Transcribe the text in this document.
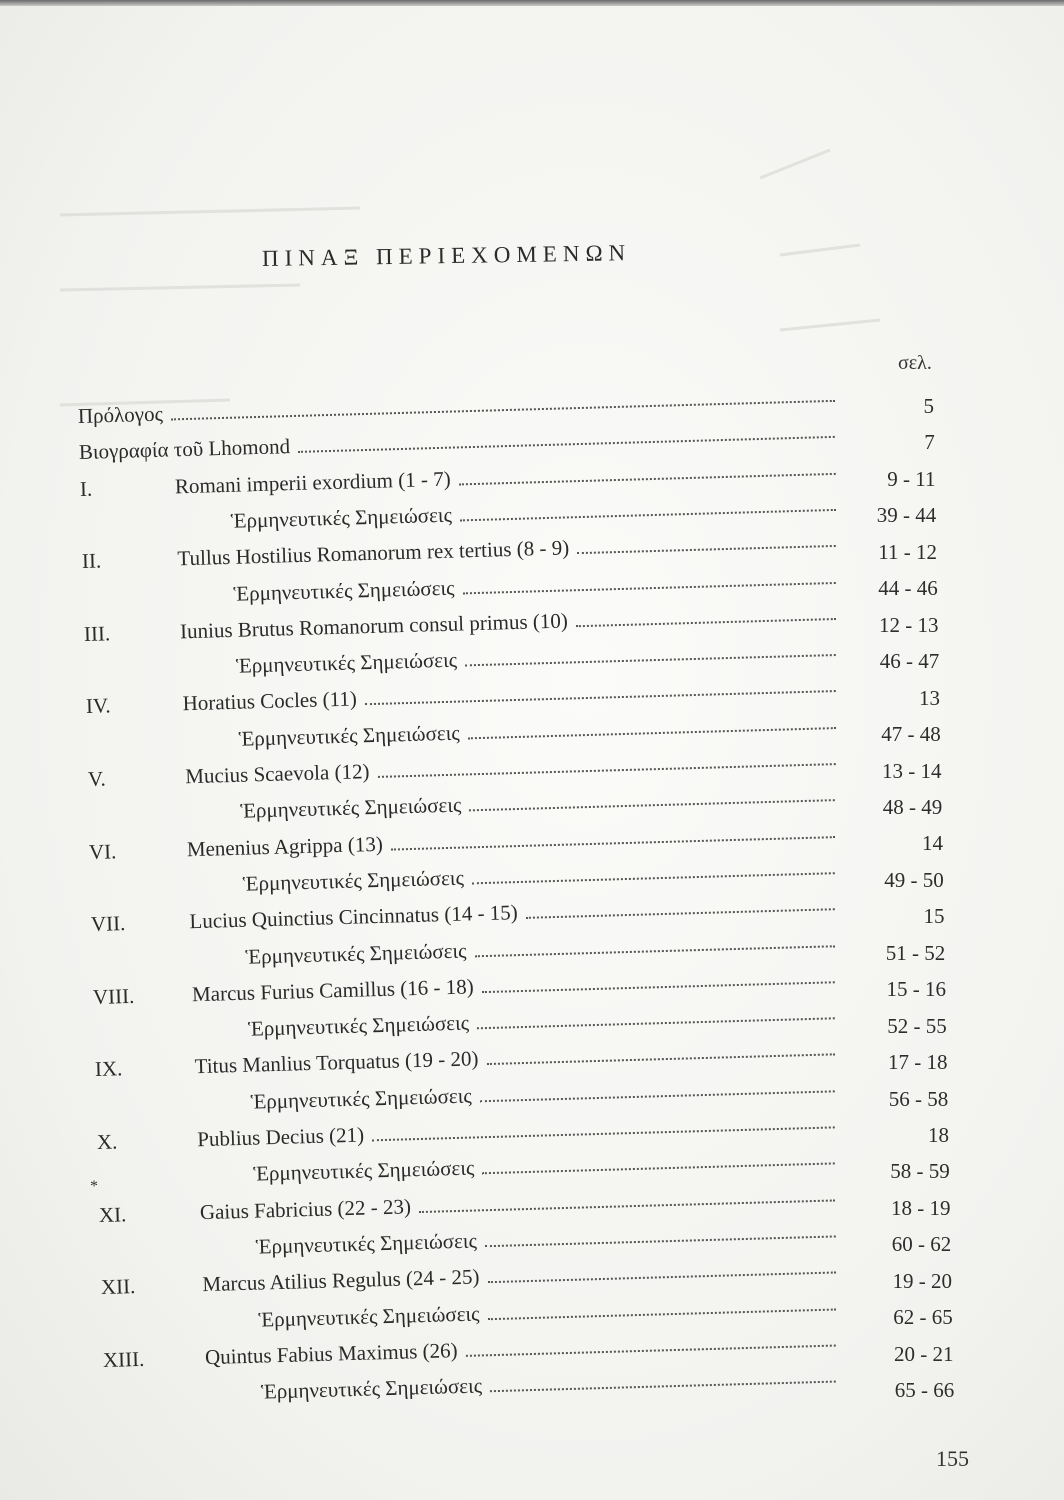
ΠΙΝΑΞ ΠΕΡΙΕΧΟΜΕΝΩΝ
σελ.
Πρόλογος	5
Βιογραφία τοῦ Lhomond	7
I.	Romani imperii exordium (1 - 7)	9 - 11
Ἑρμηνευτικές Σημειώσεις	39 - 44
II.	Tullus Hostilius Romanorum rex tertius (8 - 9)	11 - 12
Ἑρμηνευτικές Σημειώσεις	44 - 46
III.	Iunius Brutus Romanorum consul primus (10)	12 - 13
Ἑρμηνευτικές Σημειώσεις	46 - 47
IV.	Horatius Cocles (11)	13
Ἑρμηνευτικές Σημειώσεις	47 - 48
V.	Mucius Scaevola (12)	13 - 14
Ἑρμηνευτικές Σημειώσεις	48 - 49
VI.	Menenius Agrippa (13)	14
Ἑρμηνευτικές Σημειώσεις	49 - 50
VII.	Lucius Quinctius Cincinnatus (14 - 15)	15
Ἑρμηνευτικές Σημειώσεις	51 - 52
VIII.	Marcus Furius Camillus (16 - 18)	15 - 16
Ἑρμηνευτικές Σημειώσεις	52 - 55
IX.	Titus Manlius Torquatus (19 - 20)	17 - 18
Ἑρμηνευτικές Σημειώσεις	56 - 58
X.	Publius Decius (21)	18
Ἑρμηνευτικές Σημειώσεις	58 - 59
XI.	Gaius Fabricius (22 - 23)	18 - 19
Ἑρμηνευτικές Σημειώσεις	60 - 62
XII.	Marcus Atilius Regulus (24 - 25)	19 - 20
Ἑρμηνευτικές Σημειώσεις	62 - 65
XIII.	Quintus Fabius Maximus (26)	20 - 21
Ἑρμηνευτικές Σημειώσεις	65 - 66
*
155
